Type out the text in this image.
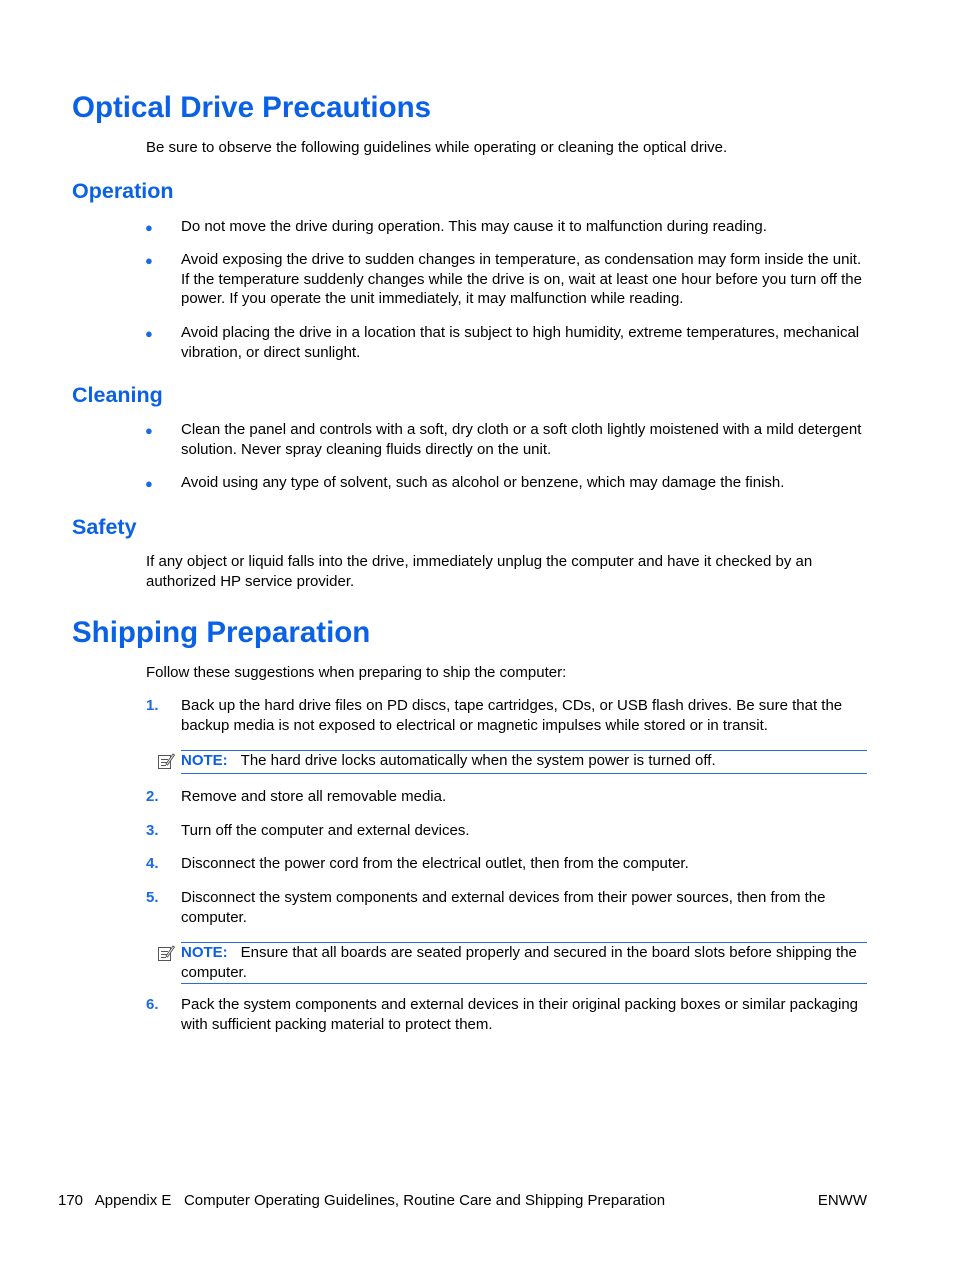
Optical Drive Precautions

Be sure to observe the following guidelines while operating or cleaning the optical drive.

Operation
● Do not move the drive during operation. This may cause it to malfunction during reading.

● Avoid exposing the drive to sudden changes in temperature, as condensation may form inside the unit. If the temperature suddenly changes while the drive is on, wait at least one hour before you turn off the power. If you operate the unit immediately, it may malfunction while reading.

● Avoid placing the drive in a location that is subject to high humidity, extreme temperatures, mechanical vibration, or direct sunlight.

Cleaning
● Clean the panel and controls with a soft, dry cloth or a soft cloth lightly moistened with a mild detergent solution. Never spray cleaning fluids directly on the unit.

● Avoid using any type of solvent, such as alcohol or benzene, which may damage the finish.

Safety

If any object or liquid falls into the drive, immediately unplug the computer and have it checked by an authorized HP service provider.

Shipping Preparation

Follow these suggestions when preparing to ship the computer:

1. Back up the hard drive files on PD discs, tape cartridges, CDs, or USB flash drives. Be sure that the backup media is not exposed to electrical or magnetic impulses while stored or in transit.

NOTE: The hard drive locks automatically when the system power is turned off.
2. Remove and store all removable media.

3. Turn off the computer and external devices.

4. Disconnect the power cord from the electrical outlet, then from the computer.

5. Disconnect the system components and external devices from their power sources, then from the computer.

NOTE: Ensure that all boards are seated properly and secured in the board slots before shipping the computer.
6. Pack the system components and external devices in their original packing boxes or similar packaging with sufficient packing material to protect them.

170 Appendix E Computer Operating Guidelines, Routine Care and Shipping Preparation	ENWW
